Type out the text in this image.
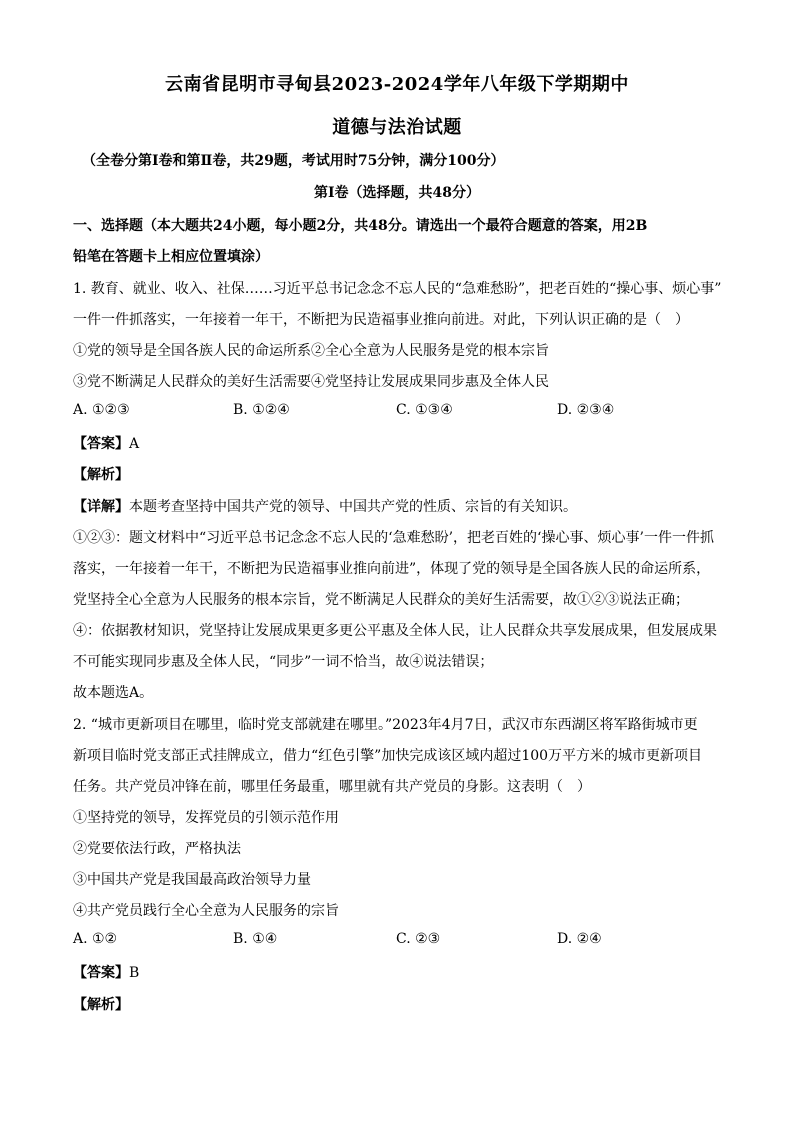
云南省昆明市寻甸县2023-2024学年八年级下学期期中
道德与法治试题
（全卷分第Ⅰ卷和第Ⅱ卷，共29题，考试用时75分钟，满分100分）
第Ⅰ卷（选择题，共48分）
一、选择题（本大题共24小题，每小题2分，共48分。请选出一个最符合题意的答案，用2B
铅笔在答题卡上相应位置填涂）
1. 教育、就业、收入、社保……习近平总书记念念不忘人民的“急难愁盼”，把老百姓的“操心事、烦心事”
一件一件抓落实，一年接着一年干，不断把为民造福事业推向前进。对此，下列认识正确的是（　）
①党的领导是全国各族人民的命运所系②全心全意为人民服务是党的根本宗旨
③党不断满足人民群众的美好生活需要④党坚持让发展成果同步惠及全体人民
A. ①②③	B. ①②④	C. ①③④	D. ②③④
【答案】A
【解析】
【详解】本题考查坚持中国共产党的领导、中国共产党的性质、宗旨的有关知识。
①②③：题文材料中“习近平总书记念念不忘人民的‘急难愁盼’，把老百姓的‘操心事、烦心事’一件一件抓
落实，一年接着一年干，不断把为民造福事业推向前进”，体现了党的领导是全国各族人民的命运所系，
党坚持全心全意为人民服务的根本宗旨，党不断满足人民群众的美好生活需要，故①②③说法正确；
④：依据教材知识，党坚持让发展成果更多更公平惠及全体人民，让人民群众共享发展成果，但发展成果
不可能实现同步惠及全体人民，“同步”一词不恰当，故④说法错误；
故本题选A。
2. “城市更新项目在哪里，临时党支部就建在哪里。”2023年4月7日，武汉市东西湖区将军路街城市更
新项目临时党支部正式挂牌成立，借力“红色引擎”加快完成该区域内超过100万平方米的城市更新项目
任务。共产党员冲锋在前，哪里任务最重，哪里就有共产党员的身影。这表明（　）
①坚持党的领导，发挥党员的引领示范作用
②党要依法行政，严格执法
③中国共产党是我国最高政治领导力量
④共产党员践行全心全意为人民服务的宗旨
A. ①②	B. ①④	C. ②③	D. ②④
【答案】B
【解析】
